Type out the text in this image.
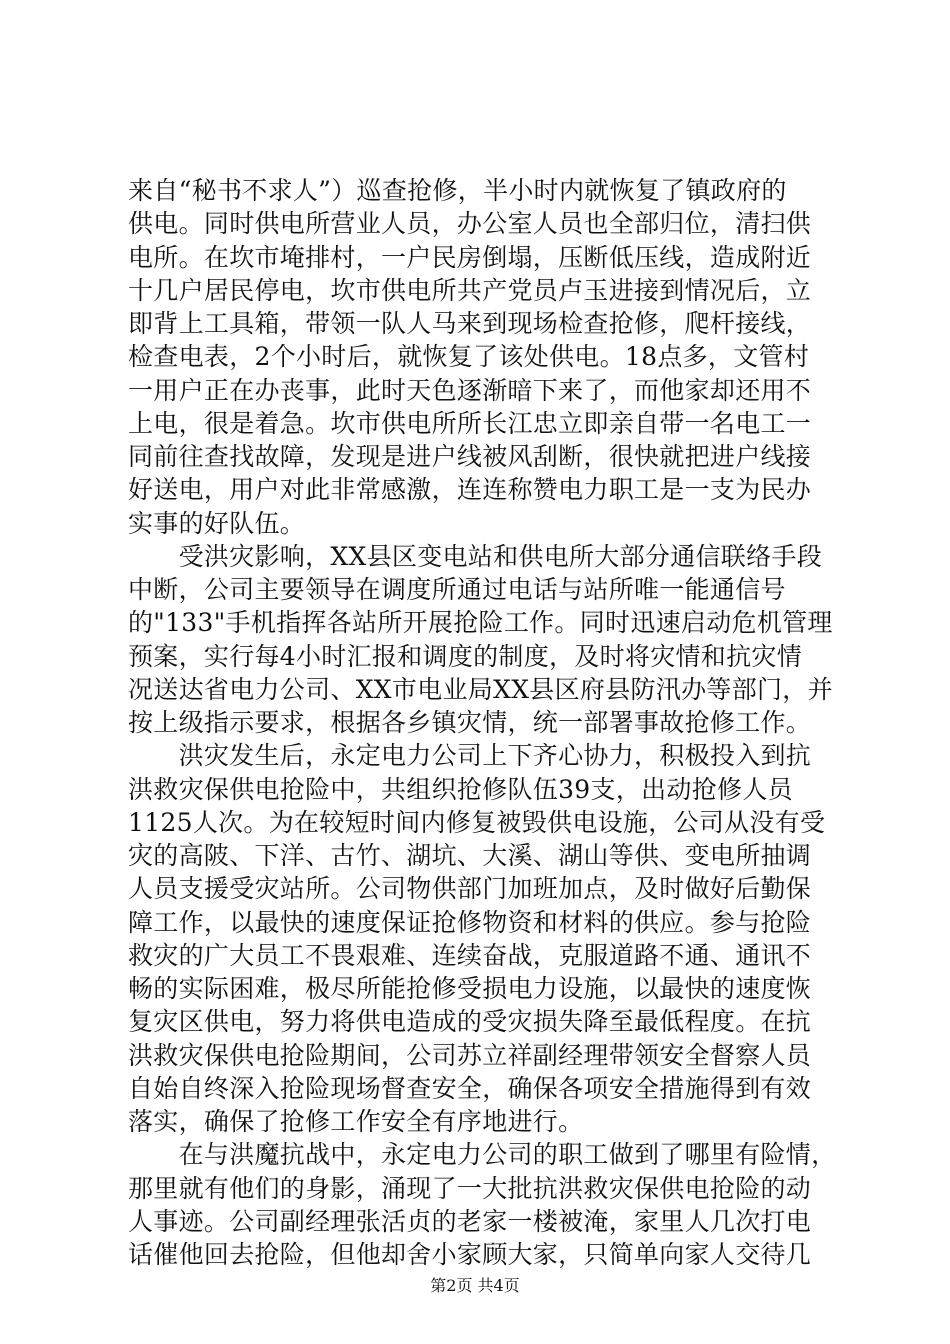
来自“秘书不求人”）巡查抢修，半小时内就恢复了镇政府的
供电。同时供电所营业人员，办公室人员也全部归位，清扫供
电所。在坎市埯排村，一户民房倒塌，压断低压线，造成附近
十几户居民停电，坎市供电所共产党员卢玉进接到情况后，立
即背上工具箱，带领一队人马来到现场检查抢修，爬杆接线，
检查电表，2个小时后，就恢复了该处供电。18点多，文管村
一用户正在办丧事，此时天色逐渐暗下来了，而他家却还用不
上电，很是着急。坎市供电所所长江忠立即亲自带一名电工一
同前往查找故障，发现是进户线被风刮断，很快就把进户线接
好送电，用户对此非常感激，连连称赞电力职工是一支为民办
实事的好队伍。
　　受洪灾影响，XX县区变电站和供电所大部分通信联络手段
中断，公司主要领导在调度所通过电话与站所唯一能通信号
的"133"手机指挥各站所开展抢险工作。同时迅速启动危机管理
预案，实行每4小时汇报和调度的制度，及时将灾情和抗灾情
况送达省电力公司、XX市电业局XX县区府县防汛办等部门，并
按上级指示要求，根据各乡镇灾情，统一部署事故抢修工作。
　　洪灾发生后，永定电力公司上下齐心协力，积极投入到抗
洪救灾保供电抢险中，共组织抢修队伍39支，出动抢修人员
1125人次。为在较短时间内修复被毁供电设施，公司从没有受
灾的高陂、下洋、古竹、湖坑、大溪、湖山等供、变电所抽调
人员支援受灾站所。公司物供部门加班加点，及时做好后勤保
障工作，以最快的速度保证抢修物资和材料的供应。参与抢险
救灾的广大员工不畏艰难、连续奋战，克服道路不通、通讯不
畅的实际困难，极尽所能抢修受损电力设施，以最快的速度恢
复灾区供电，努力将供电造成的受灾损失降至最低程度。在抗
洪救灾保供电抢险期间，公司苏立祥副经理带领安全督察人员
自始自终深入抢险现场督查安全，确保各项安全措施得到有效
落实，确保了抢修工作安全有序地进行。
　　在与洪魔抗战中，永定电力公司的职工做到了哪里有险情，
那里就有他们的身影，涌现了一大批抗洪救灾保供电抢险的动
人事迹。公司副经理张活贞的老家一楼被淹，家里人几次打电
话催他回去抢险，但他却舍小家顾大家，只简单向家人交待几
第2页 共4页
